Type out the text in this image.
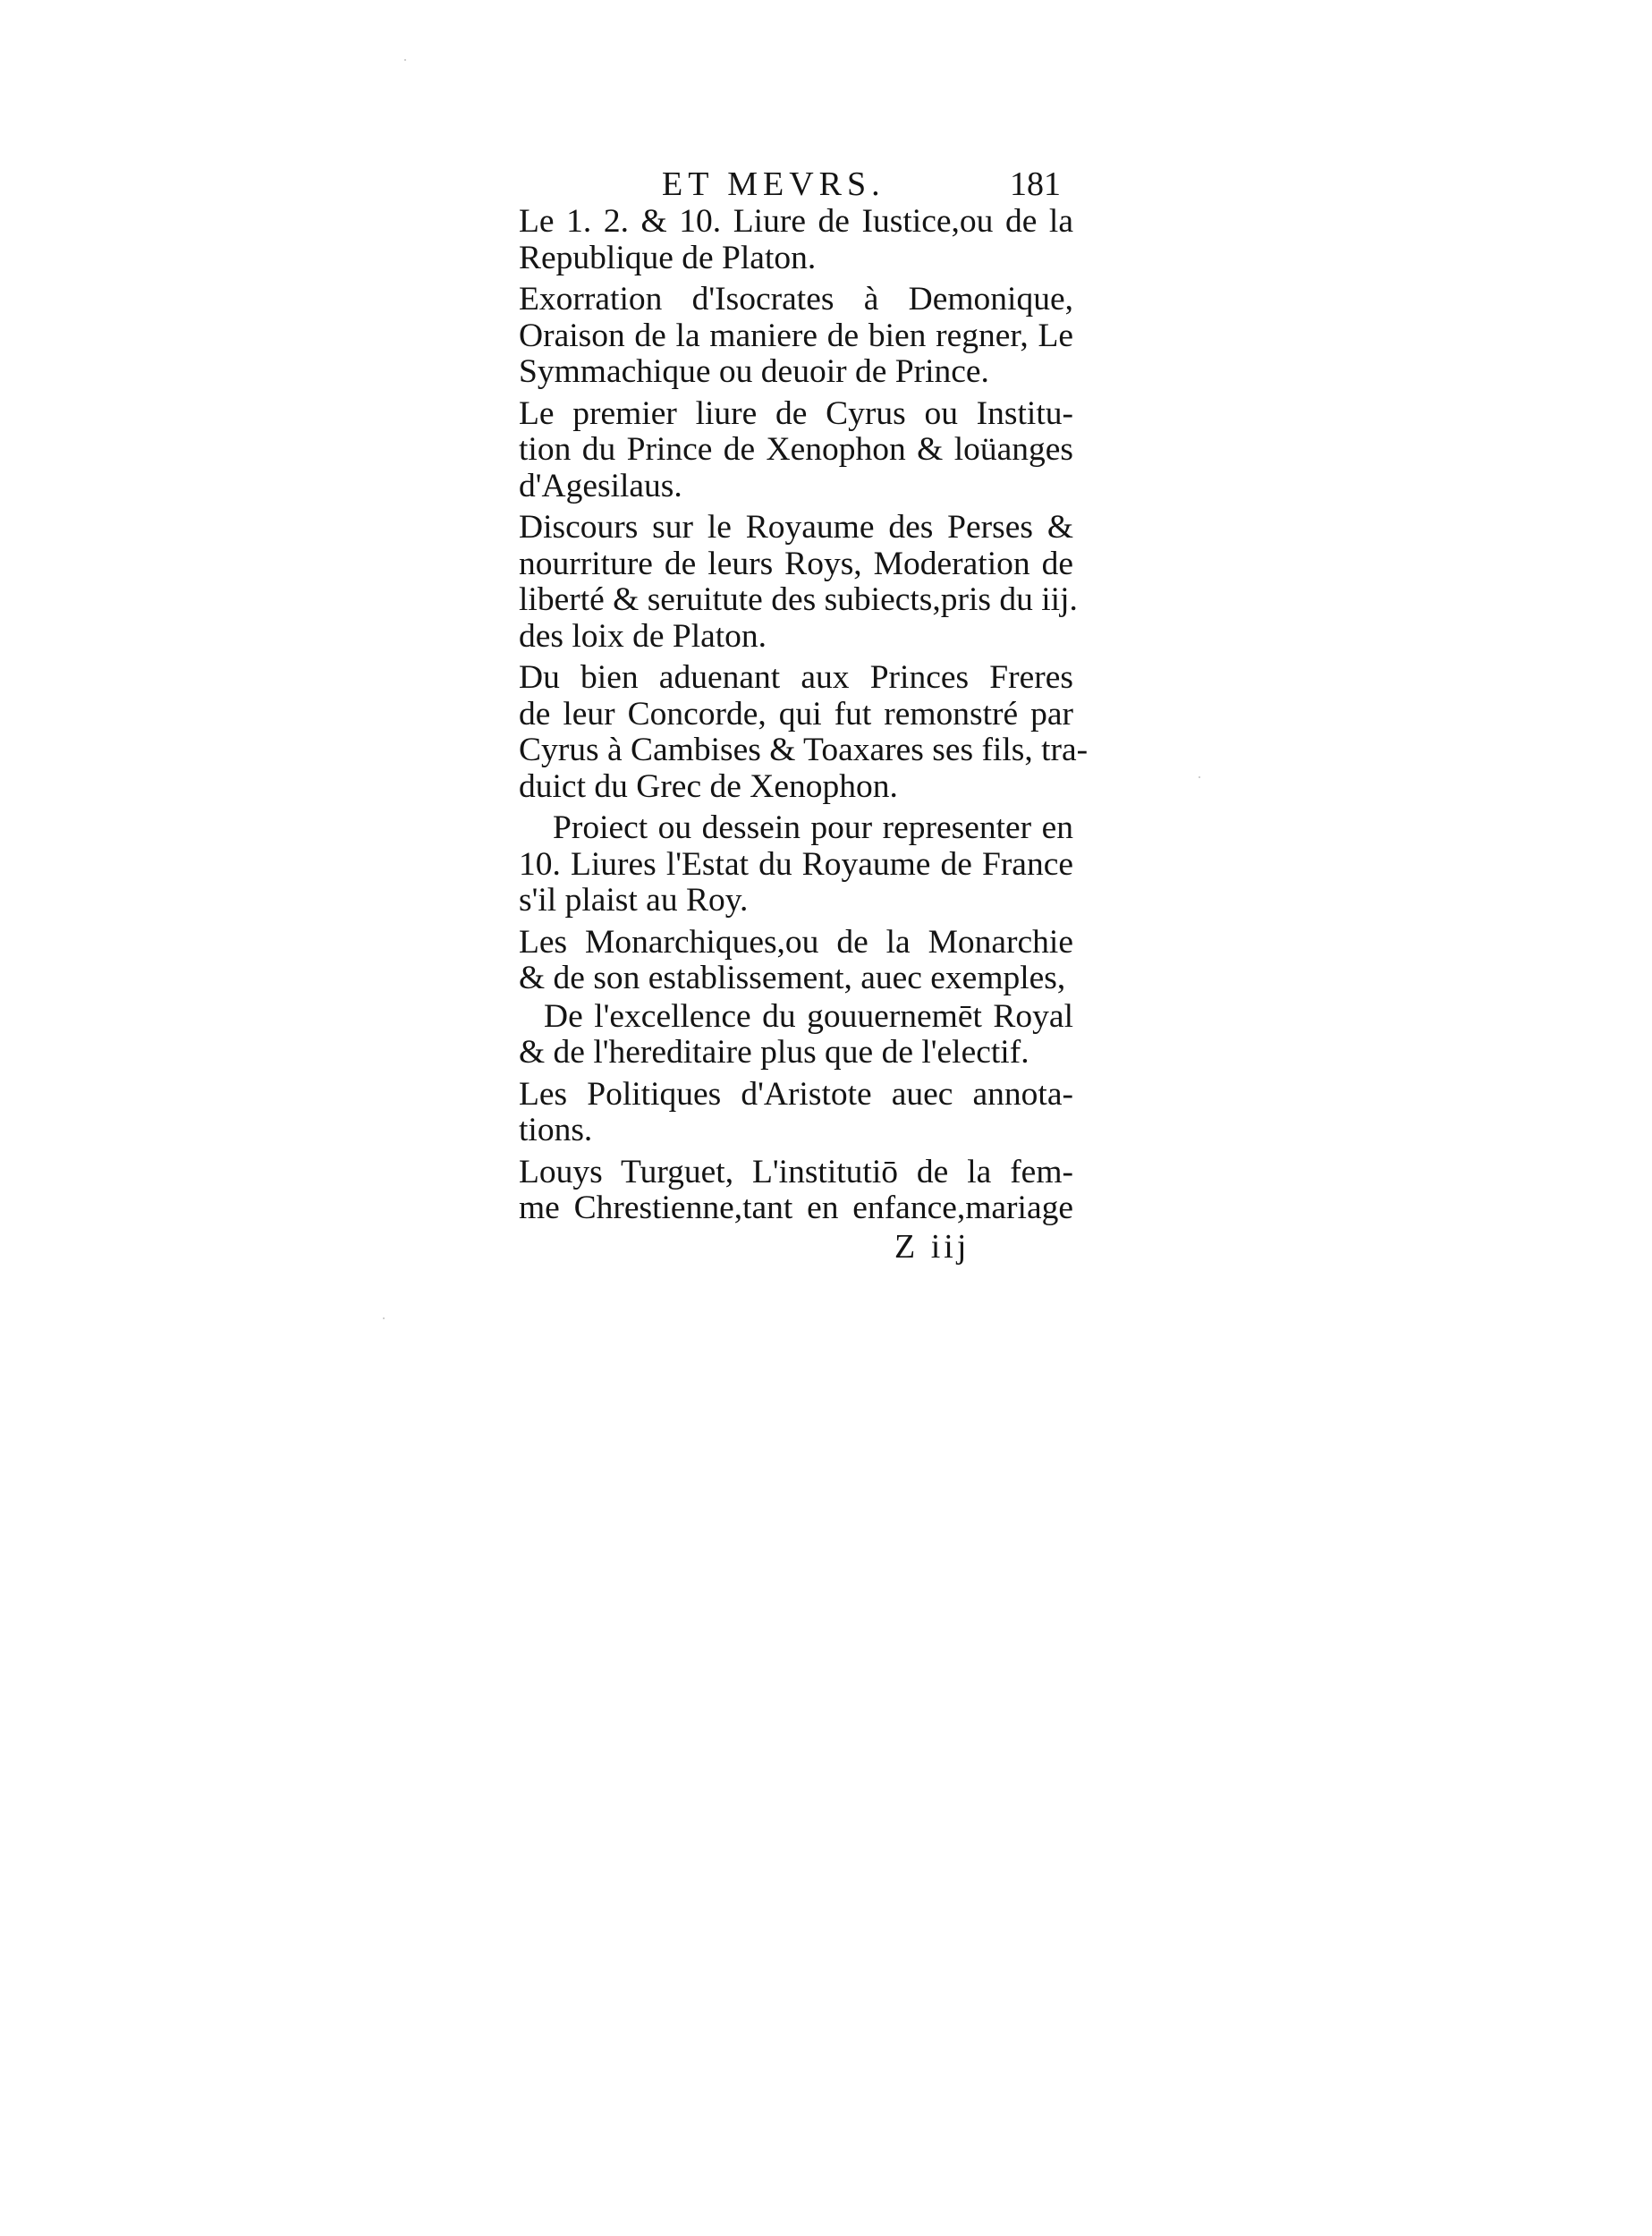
ET MEVRS.	181
Le 1. 2. & 10. Liure de Iustice,ou de la
Republique de Platon.
Exorration d'Isocrates à Demonique,
Oraison de la maniere de bien regner, Le
Symmachique ou deuoir de Prince.
Le premier liure de Cyrus ou Institu-
tion du Prince de Xenophon & loüanges
d'Agesilaus.
Discours sur le Royaume des Perses &
nourriture de leurs Roys, Moderation de
liberté & seruitute des subiects,pris du iij.
des loix de Platon.
Du bien aduenant aux Princes Freres
de leur Concorde, qui fut remonstré par
Cyrus à Cambises & Toaxares ses fils, tra-
duict du Grec de Xenophon.
Proiect ou dessein pour representer en
10. Liures l'Estat du Royaume de France
s'il plaist au Roy.
Les Monarchiques,ou de la Monarchie
& de son establissement, auec exemples,
De l'excellence du gouuernemēt Royal
& de l'hereditaire plus que de l'electif.
Les Politiques d'Aristote auec annota-
tions.
Louys Turguet, L'institutiō de la fem-
me Chrestienne,tant en enfance,mariage
Z iij
